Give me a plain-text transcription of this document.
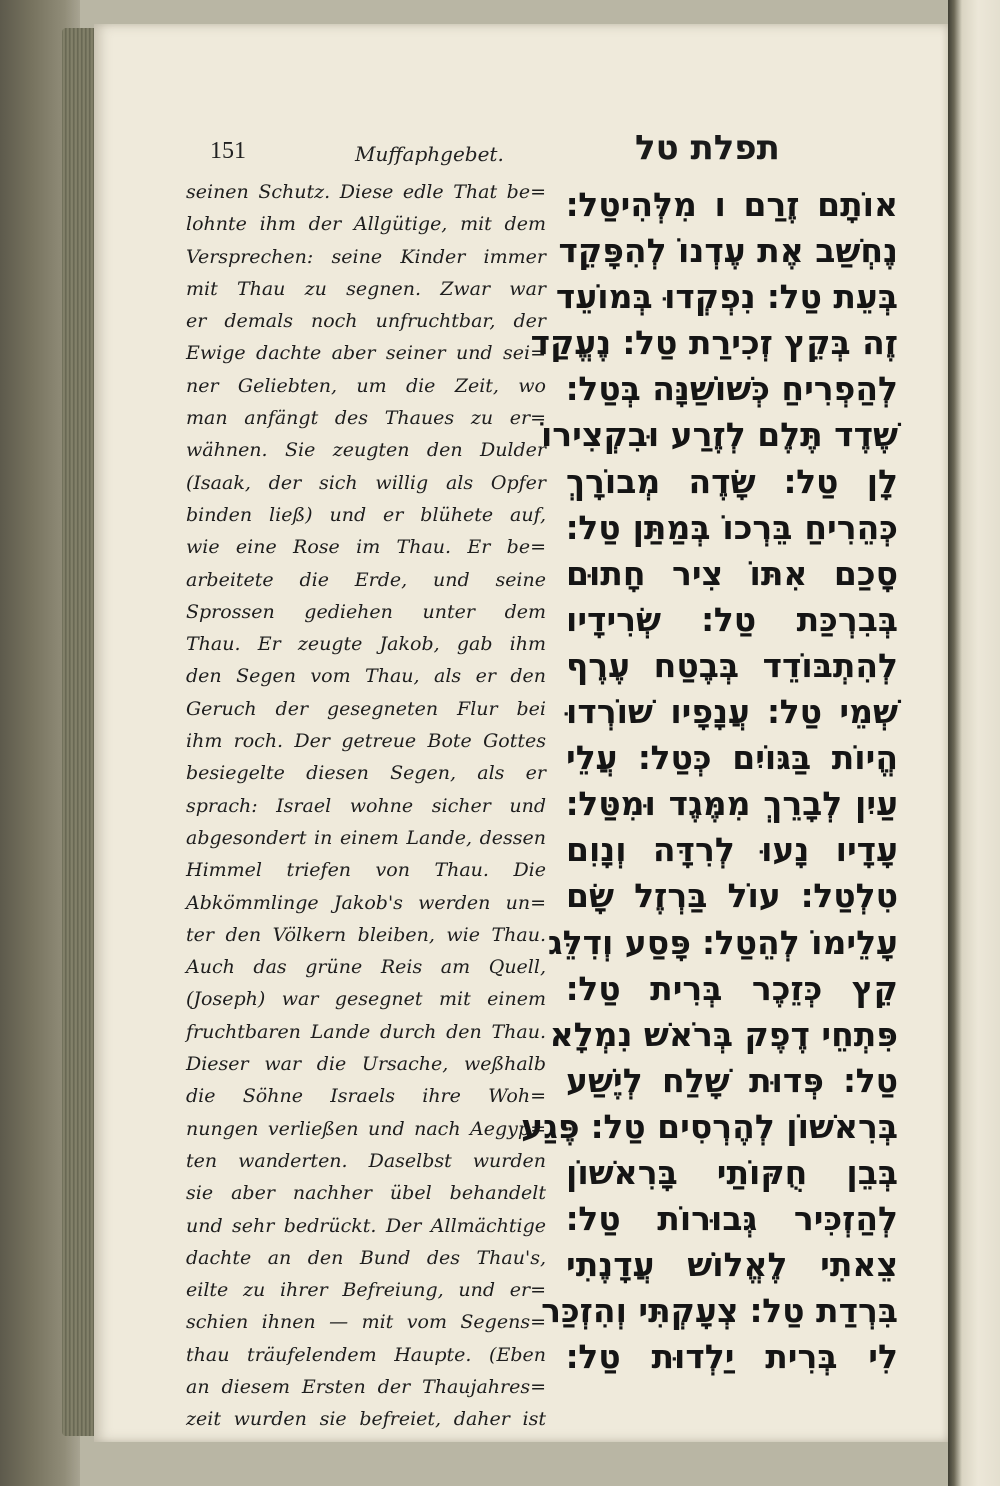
151	Muffaphgebet.	תפלת טל
seinen Schutz. Diese edle That be=
lohnte ihm der Allgütige, mit dem
Versprechen: seine Kinder immer
mit Thau zu segnen. Zwar war
er demals noch unfruchtbar, der
Ewige dachte aber seiner und sei=
ner Geliebten, um die Zeit, wo
man anfängt des Thaues zu er=
wähnen. Sie zeugten den Dulder
(Isaak, der sich willig als Opfer
binden ließ) und er blühete auf,
wie eine Rose im Thau. Er be=
arbeitete die Erde, und seine
Sprossen gediehen unter dem
Thau. Er zeugte Jakob, gab ihm
den Segen vom Thau, als er den
Geruch der gesegneten Flur bei
ihm roch. Der getreue Bote Gottes
besiegelte diesen Segen, als er
sprach: Israel wohne sicher und
abgesondert in einem Lande, dessen
Himmel triefen von Thau. Die
Abkömmlinge Jakob's werden un=
ter den Völkern bleiben, wie Thau.
Auch das grüne Reis am Quell,
(Joseph) war gesegnet mit einem
fruchtbaren Lande durch den Thau.
Dieser war die Ursache, weßhalb
die Söhne Israels ihre Woh=
nungen verließen und nach Aegyp=
ten wanderten. Daselbst wurden
sie aber nachher übel behandelt
und sehr bedrückt. Der Allmächtige
dachte an den Bund des Thau's,
eilte zu ihrer Befreiung, und er=
schien ihnen — mit vom Segens=
thau träufelendem Haupte. (Eben
an diesem Ersten der Thaujahres=
zeit wurden sie befreiet, daher ist
אוֹתָם זֶרַם ו מִלְּהִיטַל׃
נֶחְשַׁב אֶת עֶדְנוֹ לְהִפָּקֵד
בְּעֵת טַל׃ נִפְקְדוּ בְּמוֹעֵד
זֶה בְּקֵץ זְכִירַת טַל׃ נֶעֱקַד
לְהַפְרִיחַ כְּשׁוֹשַׁנָּה בְּטַל׃
שֶׁדֶד תֶּלֶם לְזֶרַע וּבִקְצִירוֹ
לָן טַל׃ שָׂדֶה מְבוֹרָךְ
כְּהֵרִיחַ בֵּרְכוֹ בְּמַתַּן טַל׃
סָכַם אִתּוֹ צִיר חָתוּם
בְּבִרְכַּת טַל׃ שְׂרִידָיו
לְהִתְבּוֹדֵד בְּבֶטַח עֶרֶף
שְׁמֵי טַל׃ עֲנָפָיו שׁוֹרְדוּ
הֱיוֹת בַּגּוֹיִם כְּטַל׃ עֲלֵי
עַיִן לְבָרֵךְ מִמֶּגֶד וּמִטַּל׃
עָדָיו נָעוּ לְרִדָּה וְנָוִם
טִלְטַל׃ עוֹל בַּרְזֶל שָׂם
עָלֵימוֹ לְהֵטַל׃ פָּסַע וְדִלֵּג
קֵץ כְּזֵכֶר בְּרִית טַל׃
פִּתְחֵי דֶפֶק בְּרֹאשׁ נִמְלָא
טַל׃ פְּדוּת שָׁלַח לְיֶשַׁע
בְּרִאשׁוֹן לְהֶרְסִים טַל׃ פֶּגַע
בְּבֵן חֻקּוֹתַי בָּרִאשׁוֹן
לְהַזְכִּיר גְּבוּרוֹת טַל׃
צֵאתִי לֶאֱלוֹשׁ עֲדָנֶתִי
בִּרְדַת טַל׃ צְעָקְתִּי וְהִזְכַּר
לִי בְּרִית יַלְדוּת טַל׃
